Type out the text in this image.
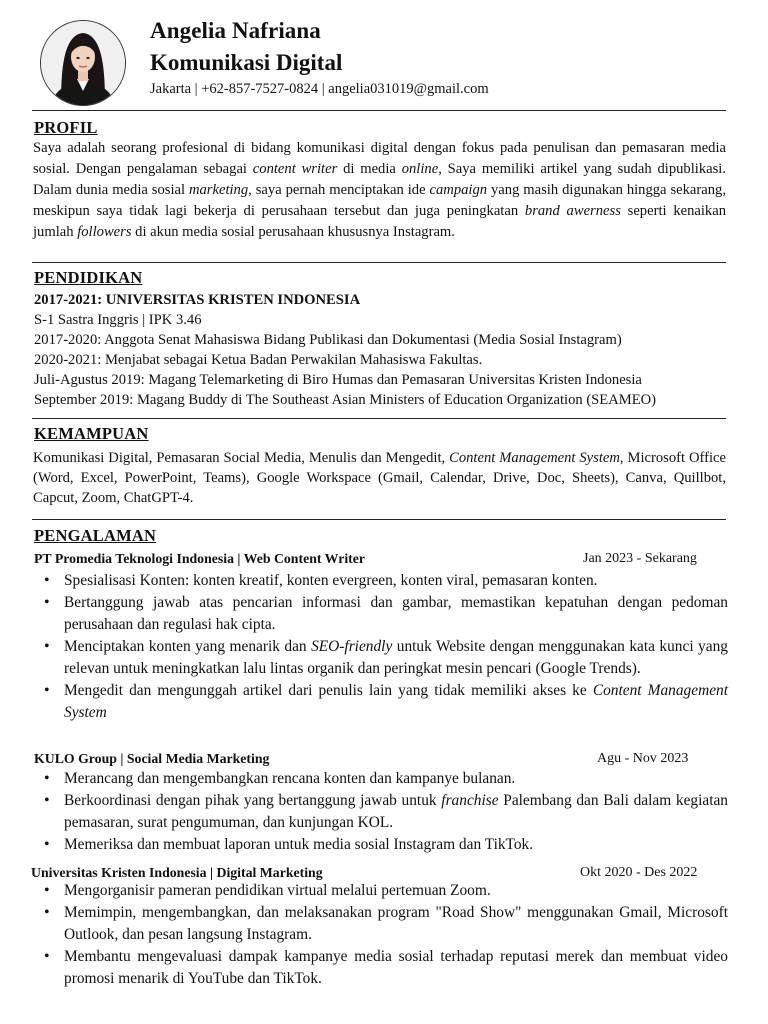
Angelia Nafriana
Komunikasi Digital
Jakarta | +62-857-7527-0824 | angelia031019@gmail.com
PROFIL
Saya adalah seorang profesional di bidang komunikasi digital dengan fokus pada penulisan dan pemasaran media sosial. Dengan pengalaman sebagai content writer di media online, Saya memiliki artikel yang sudah dipublikasi. Dalam dunia media sosial marketing, saya pernah menciptakan ide campaign yang masih digunakan hingga sekarang, meskipun saya tidak lagi bekerja di perusahaan tersebut dan juga peningkatan brand awerness seperti kenaikan jumlah followers di akun media sosial perusahaan khususnya Instagram.
PENDIDIKAN
2017-2021: UNIVERSITAS KRISTEN INDONESIA
S-1 Sastra Inggris | IPK 3.46
2017-2020: Anggota Senat Mahasiswa Bidang Publikasi dan Dokumentasi (Media Sosial Instagram)
2020-2021: Menjabat sebagai Ketua Badan Perwakilan Mahasiswa Fakultas.
Juli-Agustus 2019: Magang Telemarketing di Biro Humas dan Pemasaran Universitas Kristen Indonesia
September 2019: Magang Buddy di The Southeast Asian Ministers of Education Organization (SEAMEO)
KEMAMPUAN
Komunikasi Digital, Pemasaran Social Media, Menulis dan Mengedit, Content Management System, Microsoft Office (Word, Excel, PowerPoint, Teams), Google Workspace (Gmail, Calendar, Drive, Doc, Sheets), Canva, Quillbot, Capcut, Zoom, ChatGPT-4.
PENGALAMAN
PT Promedia Teknologi Indonesia | Web Content Writer	Jan 2023 - Sekarang
• Spesialisasi Konten: konten kreatif, konten evergreen, konten viral, pemasaran konten.
• Bertanggung jawab atas pencarian informasi dan gambar, memastikan kepatuhan dengan pedoman perusahaan dan regulasi hak cipta.
• Menciptakan konten yang menarik dan SEO-friendly untuk Website dengan menggunakan kata kunci yang relevan untuk meningkatkan lalu lintas organik dan peringkat mesin pencari (Google Trends).
• Mengedit dan mengunggah artikel dari penulis lain yang tidak memiliki akses ke Content Management System
KULO Group | Social Media Marketing	Agu - Nov 2023
• Merancang dan mengembangkan rencana konten dan kampanye bulanan.
• Berkoordinasi dengan pihak yang bertanggung jawab untuk franchise Palembang dan Bali dalam kegiatan pemasaran, surat pengumuman, dan kunjungan KOL.
• Memeriksa dan membuat laporan untuk media sosial Instagram dan TikTok.
Universitas Kristen Indonesia | Digital Marketing	Okt 2020 - Des 2022
• Mengorganisir pameran pendidikan virtual melalui pertemuan Zoom.
• Memimpin, mengembangkan, dan melaksanakan program "Road Show" menggunakan Gmail, Microsoft Outlook, dan pesan langsung Instagram.
• Membantu mengevaluasi dampak kampanye media sosial terhadap reputasi merek dan membuat video promosi menarik di YouTube dan TikTok.
